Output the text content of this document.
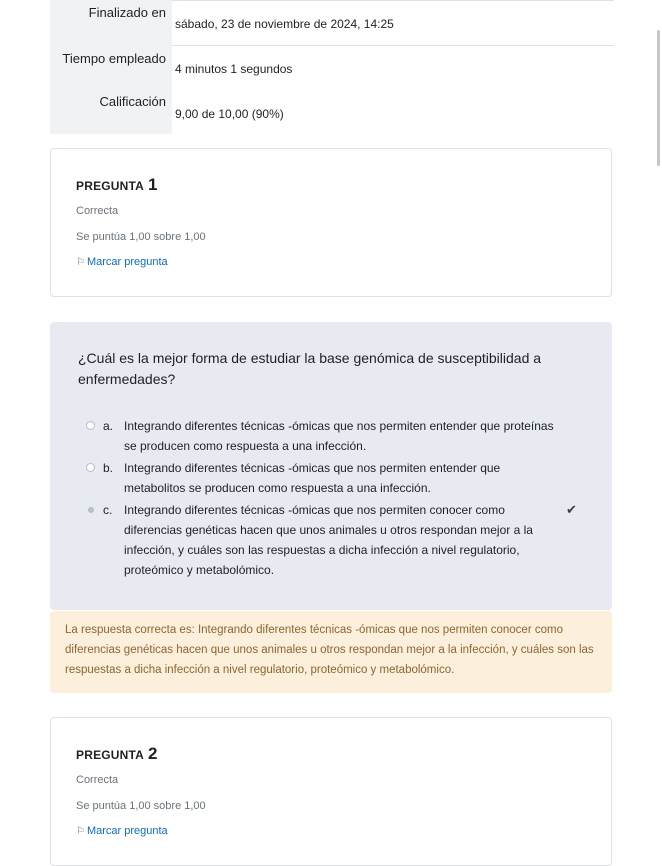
Finalizado en
sábado, 23 de noviembre de 2024, 14:25
Tiempo empleado
4 minutos 1 segundos
Calificación
9,00 de 10,00 (90%)
PREGUNTA 1
Correcta
Se puntúa 1,00 sobre 1,00
⚐ Marcar pregunta
¿Cuál es la mejor forma de estudiar la base genómica de susceptibilidad a enfermedades?
a. Integrando diferentes técnicas -ómicas que nos permiten entender que proteínas se producen como respuesta a una infección.
b. Integrando diferentes técnicas -ómicas que nos permiten entender que metabolitos se producen como respuesta a una infección.
c. Integrando diferentes técnicas -ómicas que nos permiten conocer como diferencias genéticas hacen que unos animales u otros respondan mejor a la infección, y cuáles son las respuestas a dicha infección a nivel regulatorio, proteómico y metabolómico.
✔
La respuesta correcta es: Integrando diferentes técnicas -ómicas que nos permiten conocer como diferencias genéticas hacen que unos animales u otros respondan mejor a la infección, y cuáles son las respuestas a dicha infección a nivel regulatorio, proteómico y metabolómico.
PREGUNTA 2
Correcta
Se puntúa 1,00 sobre 1,00
⚐ Marcar pregunta
